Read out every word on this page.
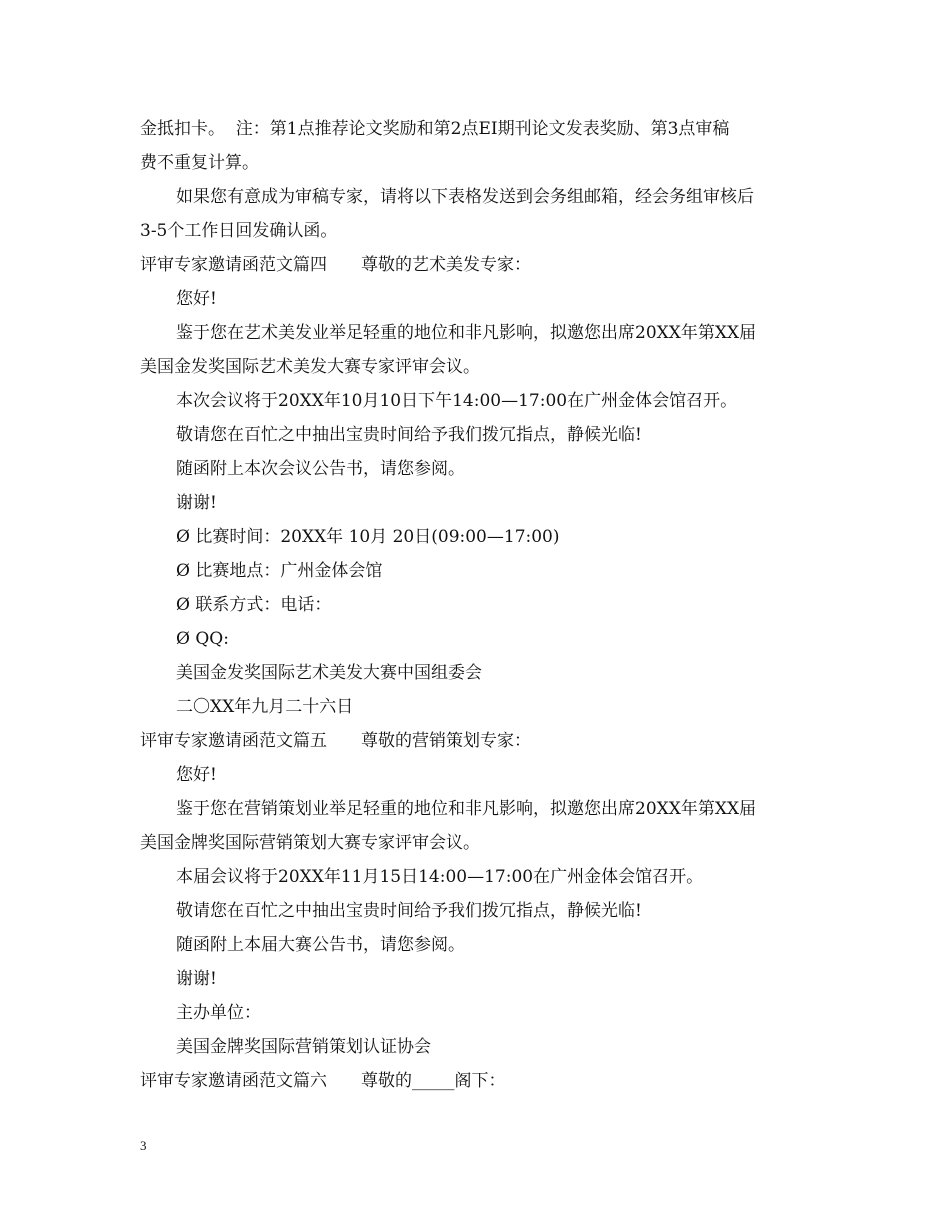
金抵扣卡。  注：第1点推荐论文奖励和第2点EI期刊论文发表奖励、第3点审稿
费不重复计算。
如果您有意成为审稿专家，请将以下表格发送到会务组邮箱，经会务组审核后
3-5个工作日回发确认函。
评审专家邀请函范文篇四　　尊敬的艺术美发专家：
您好!
鉴于您在艺术美发业举足轻重的地位和非凡影响，拟邀您出席20XX年第XX届
美国金发奖国际艺术美发大赛专家评审会议。
本次会议将于20XX年10月10日下午14:00—17:00在广州金体会馆召开。
敬请您在百忙之中抽出宝贵时间给予我们拨冗指点，静候光临!
随函附上本次会议公告书，请您参阅。
谢谢!
Ø 比赛时间：20XX年 10月 20日(09:00—17:00)
Ø 比赛地点：广州金体会馆
Ø 联系方式：电话：
Ø QQ:
美国金发奖国际艺术美发大赛中国组委会
二〇XX年九月二十六日
评审专家邀请函范文篇五　　尊敬的营销策划专家：
您好!
鉴于您在营销策划业举足轻重的地位和非凡影响，拟邀您出席20XX年第XX届
美国金牌奖国际营销策划大赛专家评审会议。
本届会议将于20XX年11月15日14:00—17:00在广州金体会馆召开。
敬请您在百忙之中抽出宝贵时间给予我们拨冗指点，静候光临!
随函附上本届大赛公告书，请您参阅。
谢谢!
主办单位：
美国金牌奖国际营销策划认证协会
评审专家邀请函范文篇六　　尊敬的_____阁下：
3
